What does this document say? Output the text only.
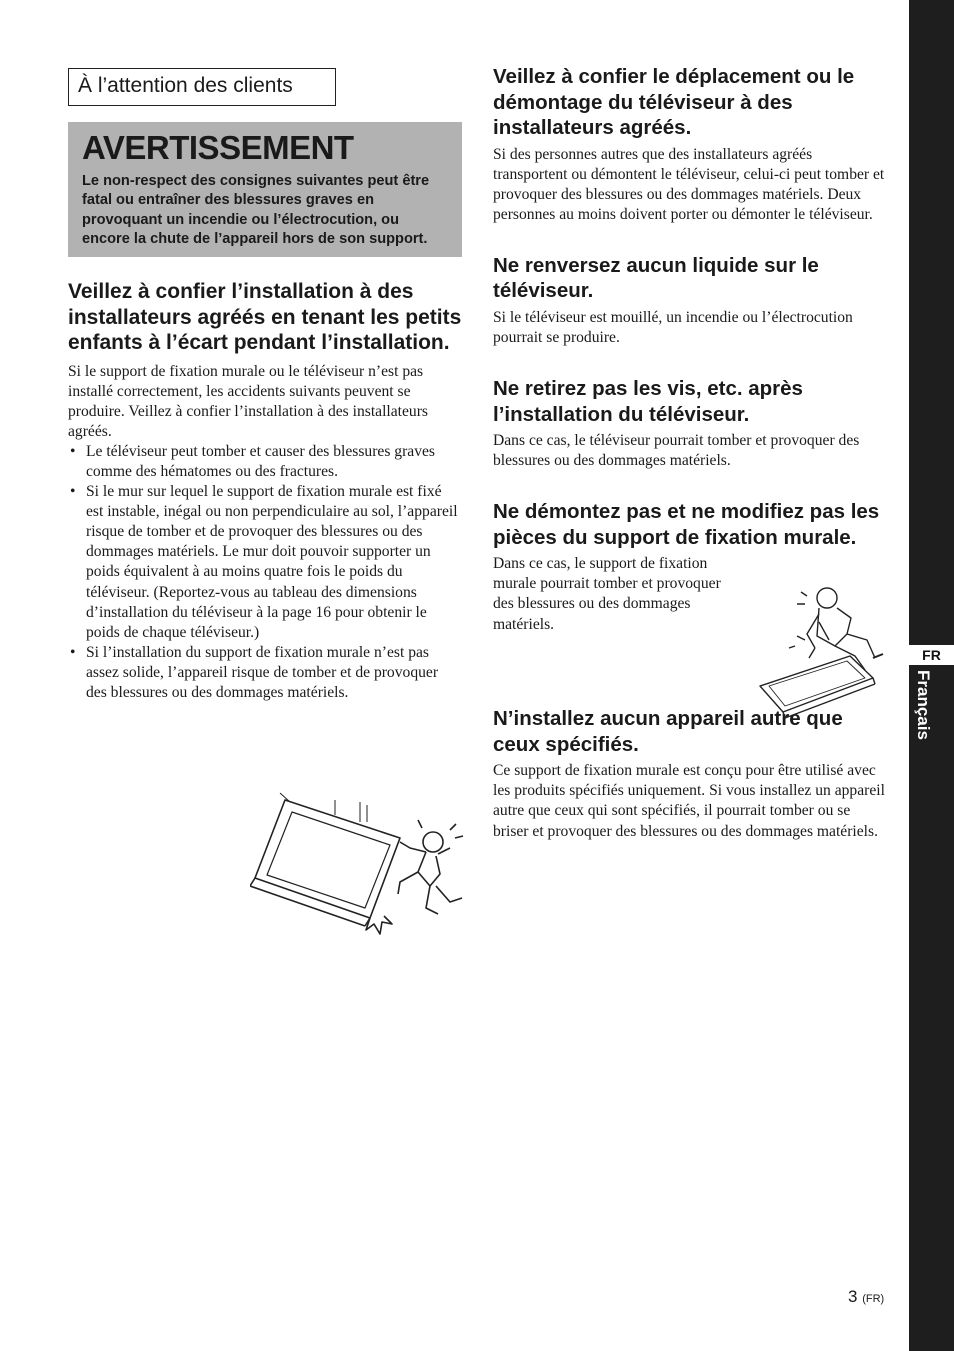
À l’attention des clients
AVERTISSEMENT
Le non-respect des consignes suivantes peut être fatal ou entraîner des blessures graves en provoquant un incendie ou l’électrocution, ou encore la chute de l’appareil hors de son support.
Veillez à confier l’installation à des installateurs agréés en tenant les petits enfants à l’écart pendant l’installation.

Si le support de fixation murale ou le téléviseur n’est pas installé correctement, les accidents suivants peuvent se produire. Veillez à confier l’installation à des installateurs agréés.

• Le téléviseur peut tomber et causer des blessures graves comme des hématomes ou des fractures.
• Si le mur sur lequel le support de fixation murale est fixé est instable, inégal ou non perpendiculaire au sol, l’appareil risque de tomber et de provoquer des blessures ou des dommages matériels. Le mur doit pouvoir supporter un poids équivalent à au moins quatre fois le poids du téléviseur. (Reportez-vous au tableau des dimensions d’installation du téléviseur à la page 16 pour obtenir le poids de chaque téléviseur.)
• Si l’installation du support de fixation murale n’est pas assez solide, l’appareil risque de tomber et de provoquer des blessures ou des dommages matériels.
Veillez à confier le déplacement ou le démontage du téléviseur à des installateurs agréés.

Si des personnes autres que des installateurs agréés transportent ou démontent le téléviseur, celui-ci peut tomber et provoquer des blessures ou des dommages matériels. Deux personnes au moins doivent porter ou démonter le téléviseur.

Ne renversez aucun liquide sur le téléviseur.

Si le téléviseur est mouillé, un incendie ou l’électrocution pourrait se produire.

Ne retirez pas les vis, etc. après l’installation du téléviseur.

Dans ce cas, le téléviseur pourrait tomber et provoquer des blessures ou des dommages matériels.

Ne démontez pas et ne modifiez pas les pièces du support de fixation murale.

Dans ce cas, le support de fixation murale pourrait tomber et provoquer des blessures ou des dommages matériels.

N’installez aucun appareil autre que ceux spécifiés.

Ce support de fixation murale est conçu pour être utilisé avec les produits spécifiés uniquement. Si vous installez un appareil autre que ceux qui sont spécifiés, il pourrait tomber ou se briser et provoquer des blessures ou des dommages matériels.

FR
Français
3 (FR)
